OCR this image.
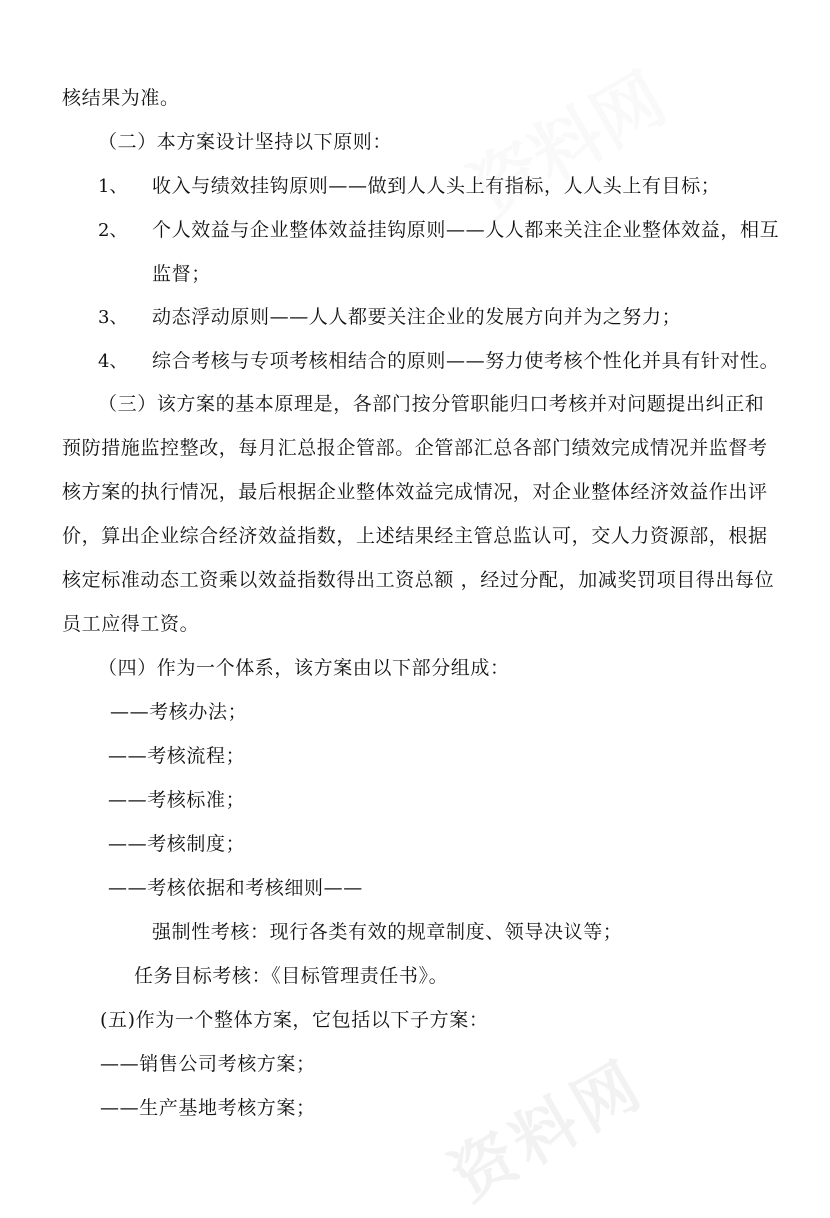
核结果为准。
（二）本方案设计坚持以下原则：
1、 收入与绩效挂钩原则——做到人人头上有指标，人人头上有目标；
2、 个人效益与企业整体效益挂钩原则——人人都来关注企业整体效益，相互
监督；
3、 动态浮动原则——人人都要关注企业的发展方向并为之努力；
4、 综合考核与专项考核相结合的原则——努力使考核个性化并具有针对性。
（三）该方案的基本原理是，各部门按分管职能归口考核并对问题提出纠正和
预防措施监控整改，每月汇总报企管部。企管部汇总各部门绩效完成情况并监督考
核方案的执行情况，最后根据企业整体效益完成情况，对企业整体经济效益作出评
价，算出企业综合经济效益指数，上述结果经主管总监认可，交人力资源部，根据
核定标准动态工资乘以效益指数得出工资总额 ，经过分配，加减奖罚项目得出每位
员工应得工资。
（四）作为一个体系，该方案由以下部分组成：
——考核办法；
——考核流程；
——考核标准；
——考核制度；
——考核依据和考核细则——
强制性考核：现行各类有效的规章制度、领导决议等；
任务目标考核：《目标管理责任书》。
(五)作为一个整体方案，它包括以下子方案：
——销售公司考核方案；
——生产基地考核方案； 资料网
